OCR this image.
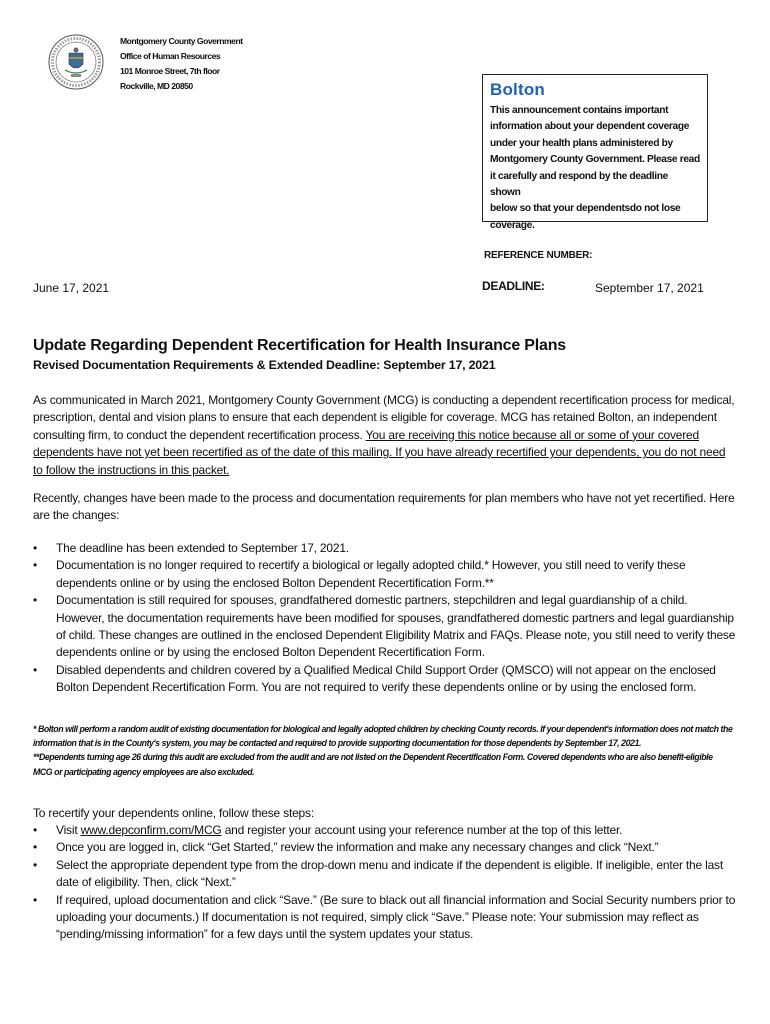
Montgomery County Government
Office of Human Resources
101 Monroe Street, 7th floor
Rockville, MD 20850	Bolton
This announcement contains important
information about your dependent coverage
under your health plans administered by
Montgomery County Government. Please read
it carefully and respond by the deadline shown
below so that your dependentsdo not lose
coverage.
REFERENCE NUMBER:
June 17, 2021	DEADLINE:	September 17, 2021
Update Regarding Dependent Recertification for Health Insurance Plans
Revised Documentation Requirements & Extended Deadline: September 17, 2021
As communicated in March 2021, Montgomery County Government (MCG) is conducting a dependent recertification process for medical, prescription, dental and vision plans to ensure that each dependent is eligible for coverage. MCG has retained Bolton, an independent consulting firm, to conduct the dependent recertification process. You are receiving this notice because all or some of your covered dependents have not yet been recertified as of the date of this mailing. If you have already recertified your dependents, you do not need to follow the instructions in this packet.
Recently, changes have been made to the process and documentation requirements for plan members who have not yet recertified. Here are the changes:
• The deadline has been extended to September 17, 2021.
• Documentation is no longer required to recertify a biological or legally adopted child.* However, you still need to verify these dependents online or by using the enclosed Bolton Dependent Recertification Form.**
• Documentation is still required for spouses, grandfathered domestic partners, stepchildren and legal guardianship of a child. However, the documentation requirements have been modified for spouses, grandfathered domestic partners and legal guardianship of child. These changes are outlined in the enclosed Dependent Eligibility Matrix and FAQs. Please note, you still need to verify these dependents online or by using the enclosed Bolton Dependent Recertification Form.
• Disabled dependents and children covered by a Qualified Medical Child Support Order (QMSCO) will not appear on the enclosed Bolton Dependent Recertification Form. You are not required to verify these dependents online or by using the enclosed form.
* Bolton will perform a random audit of existing documentation for biological and legally adopted children by checking County records. If your dependent's information does not match the information that is in the County's system, you may be contacted and required to provide supporting documentation for those dependents by September 17, 2021.
**Dependents turning age 26 during this audit are excluded from the audit and are not listed on the Dependent Recertification Form. Covered dependents who are also benefit-eligible MCG or participating agency employees are also excluded.
To recertify your dependents online, follow these steps:
• Visit www.depconfirm.com/MCG and register your account using your reference number at the top of this letter.
• Once you are logged in, click “Get Started,” review the information and make any necessary changes and click “Next.”
• Select the appropriate dependent type from the drop-down menu and indicate if the dependent is eligible. If ineligible, enter the last date of eligibility. Then, click “Next.”
• If required, upload documentation and click “Save.” (Be sure to black out all financial information and Social Security numbers prior to uploading your documents.) If documentation is not required, simply click “Save.” Please note: Your submission may reflect as “pending/missing information” for a few days until the system updates your status.
